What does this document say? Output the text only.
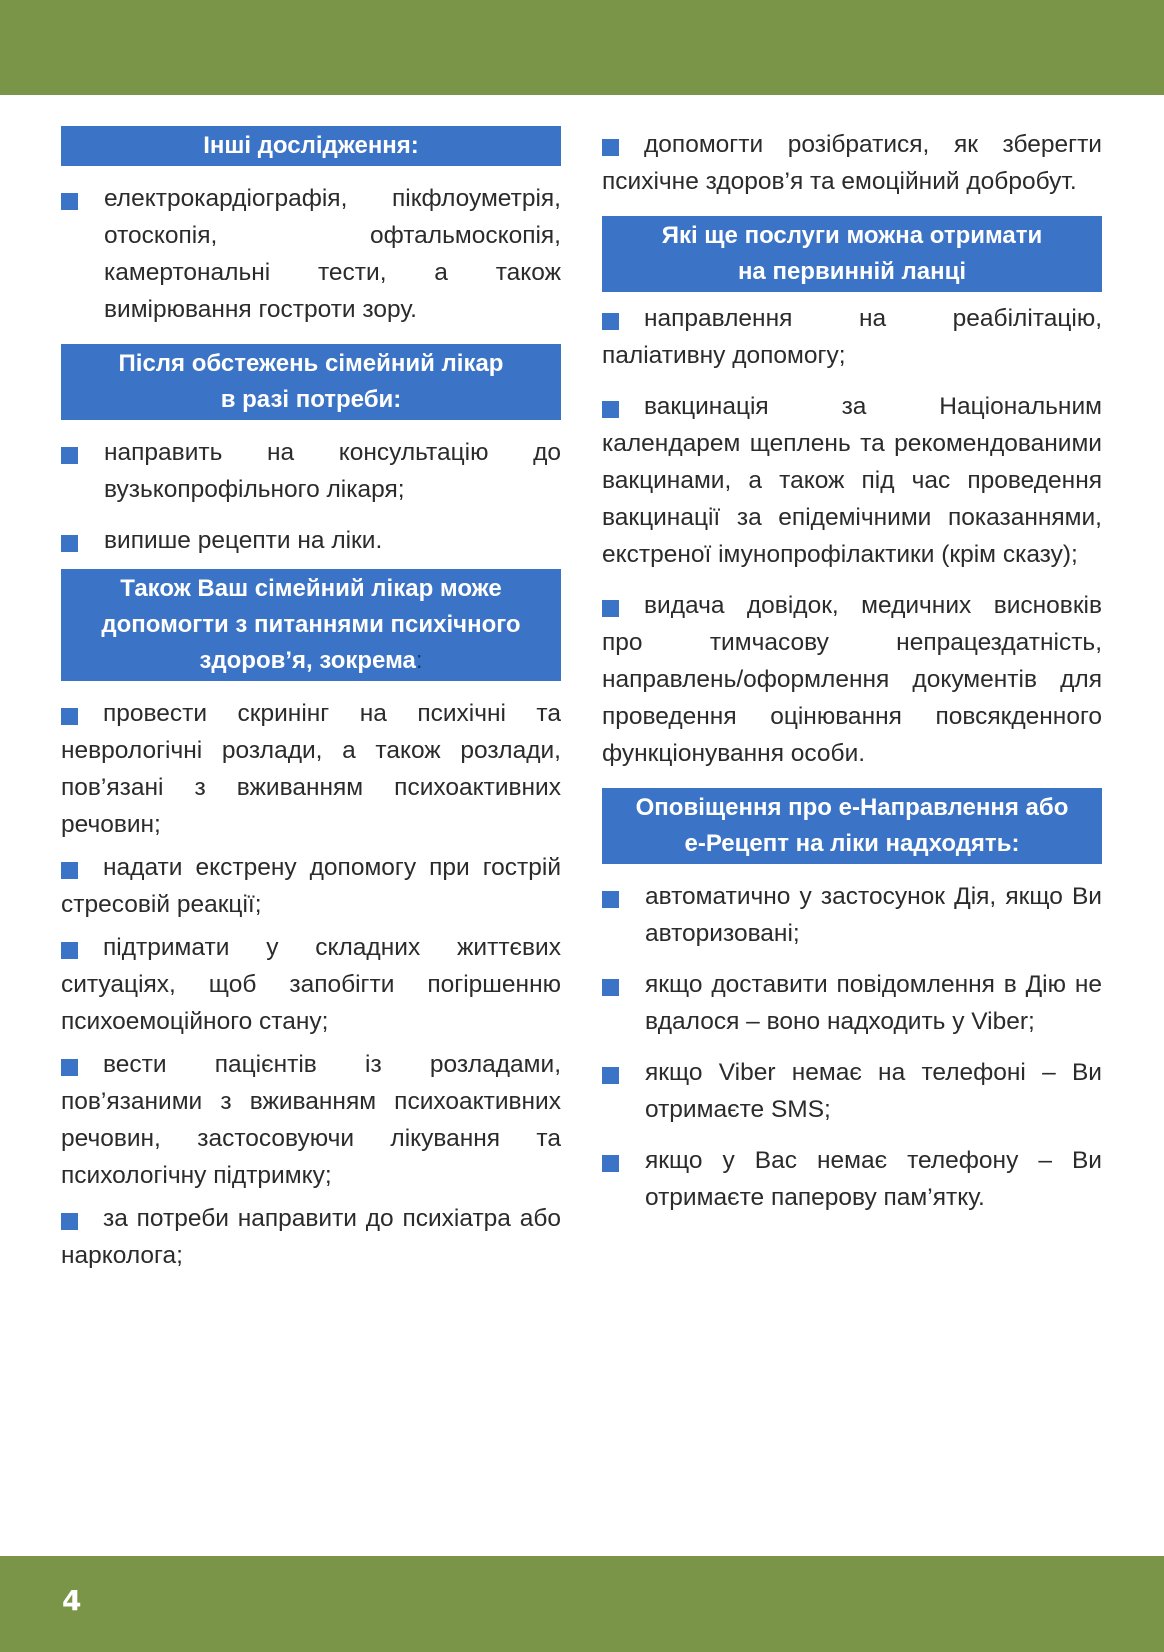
Інші дослідження:
електрокардіографія, пікфлоуметрія, отоскопія, офтальмоскопія, камертональні тести, а також вимірювання гостроти зору.
Після обстежень сімейний лікар
в разі потреби:
направить на консультацію до вузькопрофільного лікаря;
випише рецепти на ліки.
Також Ваш сімейний лікар може
допомогти з питаннями психічного
здоров’я, зокрема:
провести скринінг на психічні та неврологічні розлади, а також розлади, пов’язані з вживанням психоактивних речовин;
надати екстрену допомогу при гострій стресовій реакції;
підтримати у складних життєвих ситуаціях, щоб запобігти погіршенню психоемоційного стану;
вести пацієнтів із розладами, пов’язаними з вживанням психоактивних речовин, застосовуючи лікування та психологічну підтримку;
за потреби направити до психіатра або нарколога;
допомогти розібратися, як зберегти психічне здоров’я та емоційний добробут.
Які ще послуги можна отримати
на первинній ланці
направлення на реабілітацію, паліативну допомогу;
вакцинація за Національним календарем щеплень та рекомендованими вакцинами, а також під час проведення вакцинації за епідемічними показаннями, екстреної імунопрофілактики (крім сказу);
видача довідок, медичних висновків про тимчасову непрацездатність, направлень/оформлення документів для проведення оцінювання повсякденного функціонування особи.
Оповіщення про е-Направлення або
е-Рецепт на ліки надходять:
автоматично у застосунок Дія, якщо Ви авторизовані;
якщо доставити повідомлення в Дію не вдалося – воно надходить у Viber;
якщо Viber немає на телефоні – Ви отримаєте SMS;
якщо у Вас немає телефону – Ви отримаєте паперову пам’ятку.
4
